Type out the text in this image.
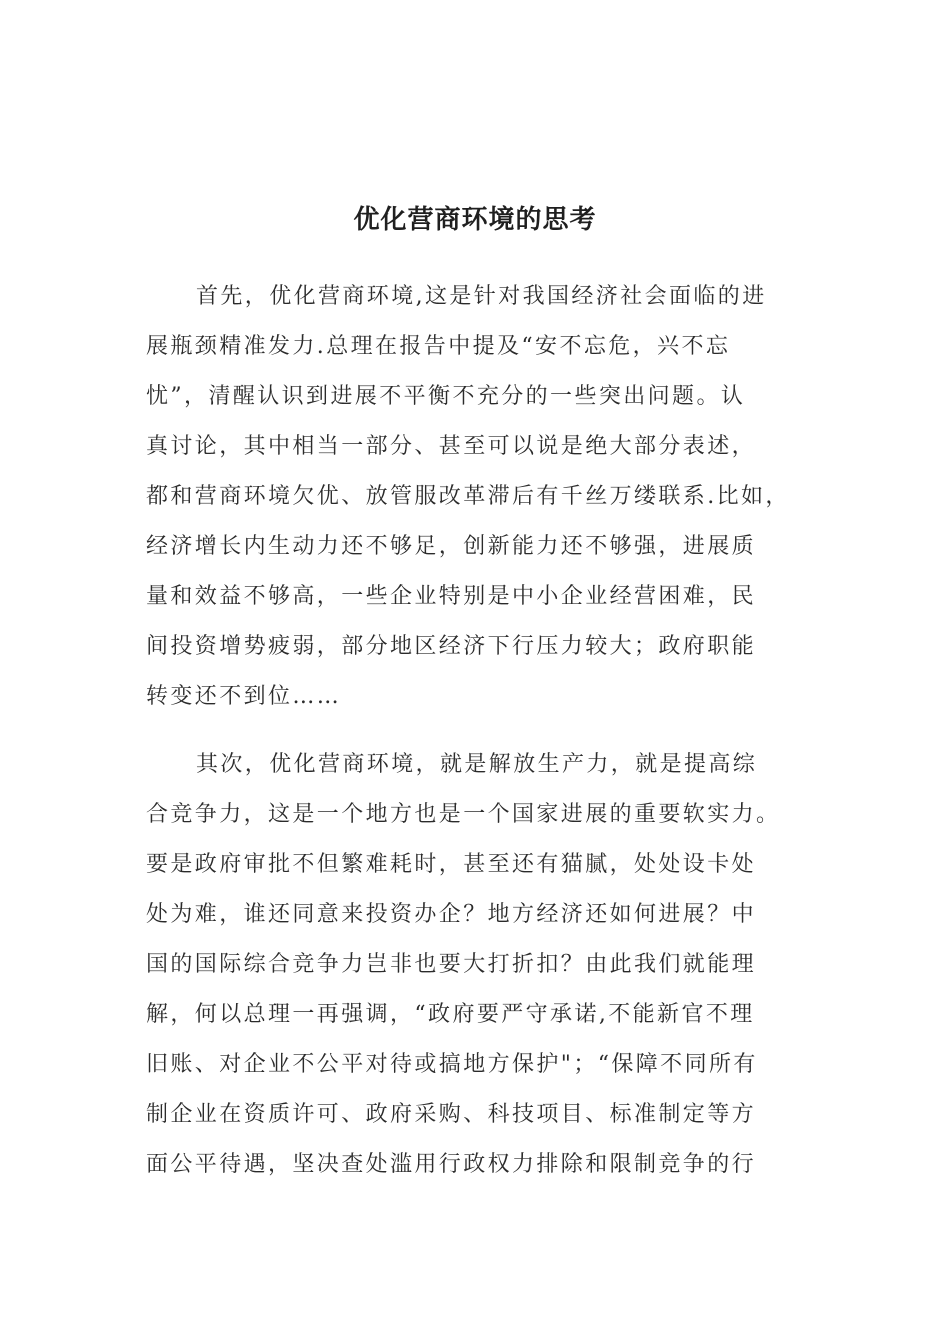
优化营商环境的思考
首先，优化营商环境,这是针对我国经济社会面临的进
展瓶颈精准发力.总理在报告中提及“安不忘危，兴不忘
忧”，清醒认识到进展不平衡不充分的一些突出问题。认
真讨论，其中相当一部分、甚至可以说是绝大部分表述，
都和营商环境欠优、放管服改革滞后有千丝万缕联系.比如，
经济增长内生动力还不够足，创新能力还不够强，进展质
量和效益不够高，一些企业特别是中小企业经营困难，民
间投资增势疲弱，部分地区经济下行压力较大；政府职能
转变还不到位……
其次，优化营商环境，就是解放生产力，就是提高综
合竞争力，这是一个地方也是一个国家进展的重要软实力。
要是政府审批不但繁难耗时，甚至还有猫腻，处处设卡处
处为难，谁还同意来投资办企？地方经济还如何进展？中
国的国际综合竞争力岂非也要大打折扣？由此我们就能理
解，何以总理一再强调，“政府要严守承诺,不能新官不理
旧账、对企业不公平对待或搞地方保护"；“保障不同所有
制企业在资质许可、政府采购、科技项目、标准制定等方
面公平待遇，坚决查处滥用行政权力排除和限制竞争的行
